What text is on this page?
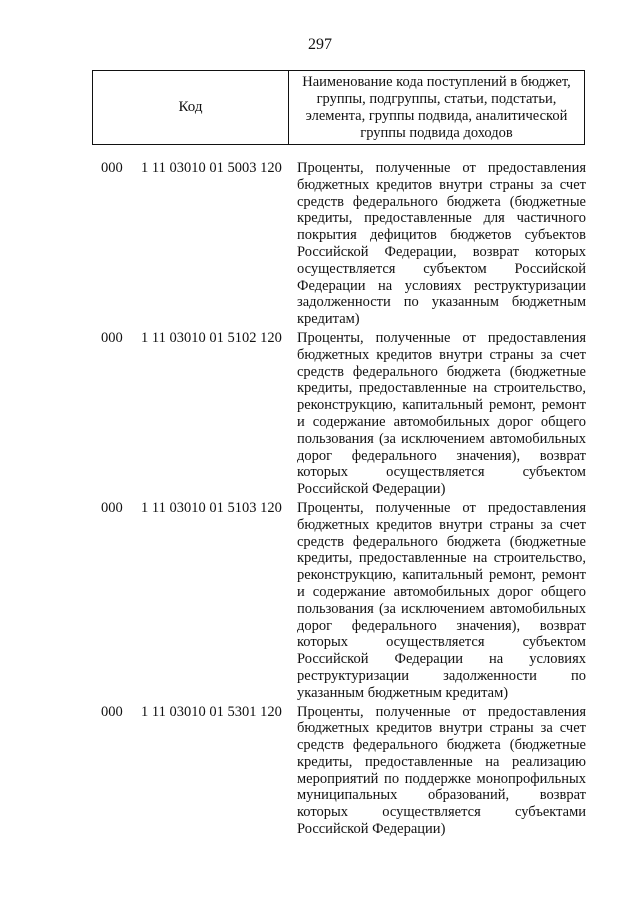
297
Код
Наименование кода поступлений в бюджет, группы, подгруппы, статьи, подстатьи, элемента, группы подвида, аналитической группы подвида доходов
000 1 11 03010 01 5003 120 Проценты, полученные от предоставления бюджетных кредитов внутри страны за счет средств федерального бюджета (бюджетные кредиты, предоставленные для частичного покрытия дефицитов бюджетов субъектов Российской Федерации, возврат которых осуществляется субъектом Российской Федерации на условиях реструктуризации задолженности по указанным бюджетным кредитам)
000 1 11 03010 01 5102 120 Проценты, полученные от предоставления бюджетных кредитов внутри страны за счет средств федерального бюджета (бюджетные кредиты, предоставленные на строительство, реконструкцию, капитальный ремонт, ремонт и содержание автомобильных дорог общего пользования (за исключением автомобильных дорог федерального значения), возврат которых осуществляется субъектом Российской Федерации)
000 1 11 03010 01 5103 120 Проценты, полученные от предоставления бюджетных кредитов внутри страны за счет средств федерального бюджета (бюджетные кредиты, предоставленные на строительство, реконструкцию, капитальный ремонт, ремонт и содержание автомобильных дорог общего пользования (за исключением автомобильных дорог федерального значения), возврат которых осуществляется субъектом Российской Федерации на условиях реструктуризации задолженности по указанным бюджетным кредитам)
000 1 11 03010 01 5301 120 Проценты, полученные от предоставления бюджетных кредитов внутри страны за счет средств федерального бюджета (бюджетные кредиты, предоставленные на реализацию мероприятий по поддержке монопрофильных муниципальных образований, возврат которых осуществляется субъектами Российской Федерации)
